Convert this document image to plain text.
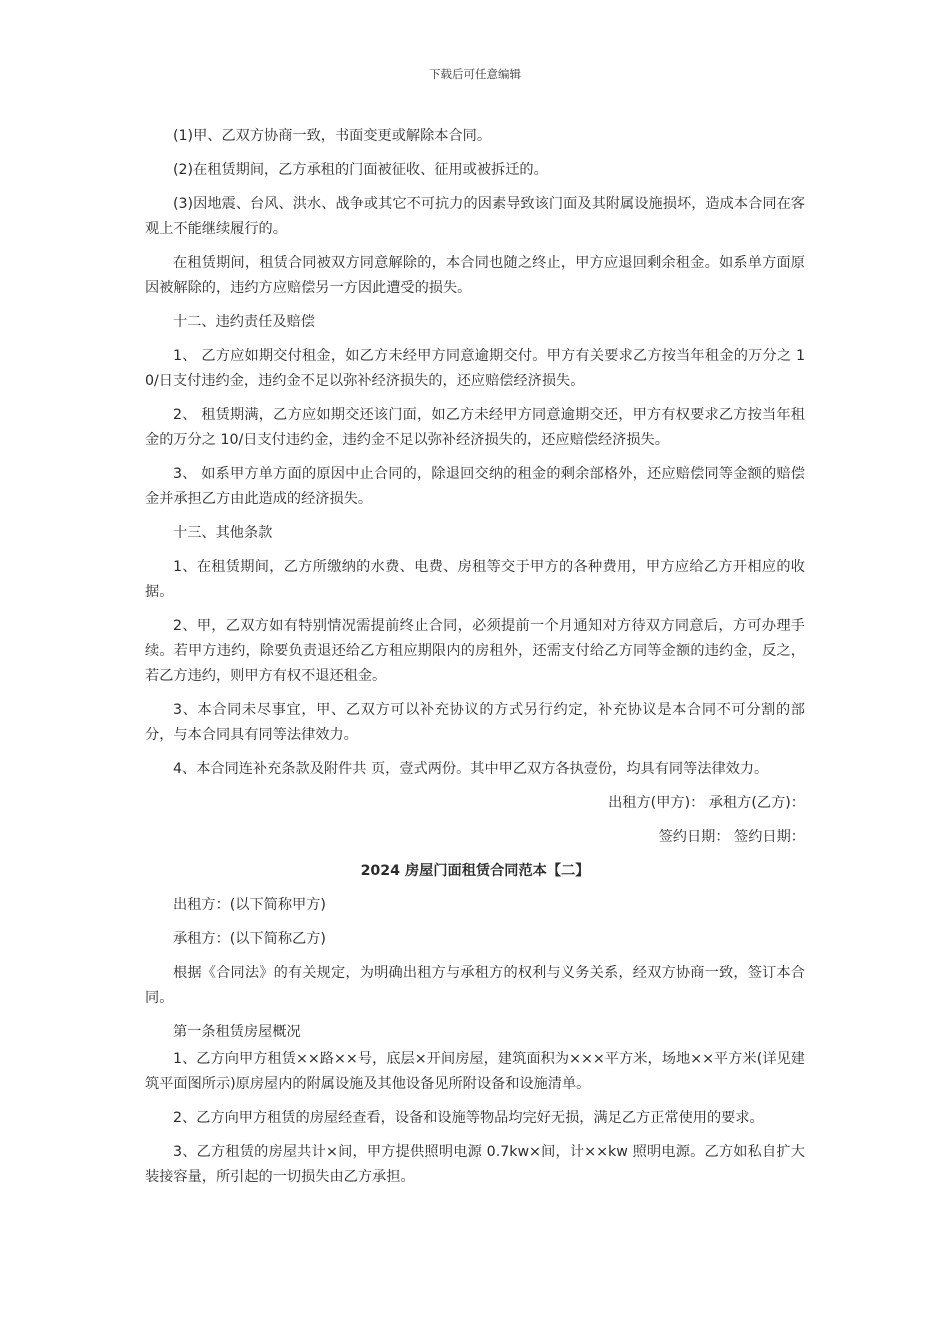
下载后可任意编辑

(1)甲、乙双方协商一致，书面变更或解除本合同。

(2)在租赁期间，乙方承租的门面被征收、征用或被拆迁的。

(3)因地震、台风、洪水、战争或其它不可抗力的因素导致该门面及其附属设施损坏，造成本合同在客观上不能继续履行的。

在租赁期间，租赁合同被双方同意解除的，本合同也随之终止，甲方应退回剩余租金。如系单方面原因被解除的，违约方应赔偿另一方因此遭受的损失。

十二、违约责任及赔偿

1、 乙方应如期交付租金，如乙方未经甲方同意逾期交付。甲方有关要求乙方按当年租金的万分之 10/日支付违约金，违约金不足以弥补经济损失的，还应赔偿经济损失。

2、 租赁期满，乙方应如期交还该门面，如乙方未经甲方同意逾期交还，甲方有权要求乙方按当年租金的万分之 10/日支付违约金，违约金不足以弥补经济损失的，还应赔偿经济损失。

3、 如系甲方单方面的原因中止合同的，除退回交纳的租金的剩余部格外，还应赔偿同等金额的赔偿金并承担乙方由此造成的经济损失。

十三、其他条款

1、在租赁期间，乙方所缴纳的水费、电费、房租等交于甲方的各种费用，甲方应给乙方开相应的收据。

2、甲，乙双方如有特别情况需提前终止合同，必须提前一个月通知对方待双方同意后，方可办理手续。若甲方违约，除要负责退还给乙方租应期限内的房租外，还需支付给乙方同等金额的违约金，反之，若乙方违约，则甲方有权不退还租金。

3、本合同未尽事宜，甲、乙双方可以补充协议的方式另行约定，补充协议是本合同不可分割的部分，与本合同具有同等法律效力。

4、本合同连补充条款及附件共 页，壹式两份。其中甲乙双方各执壹份，均具有同等法律效力。

出租方(甲方)： 承租方(乙方)：

签约日期： 签约日期：

2024 房屋门面租赁合同范本【二】

出租方：(以下简称甲方)

承租方：(以下简称乙方)

根据《合同法》的有关规定，为明确出租方与承租方的权利与义务关系，经双方协商一致，签订本合同。

第一条租赁房屋概况

1、乙方向甲方租赁××路××号，底层×开间房屋，建筑面积为×××平方米，场地××平方米(详见建筑平面图所示)原房屋内的附属设施及其他设备见所附设备和设施清单。

2、乙方向甲方租赁的房屋经查看，设备和设施等物品均完好无损，满足乙方正常使用的要求。

3、乙方租赁的房屋共计×间，甲方提供照明电源 0.7kw×间，计××kw 照明电源。乙方如私自扩大装接容量，所引起的一切损失由乙方承担。
